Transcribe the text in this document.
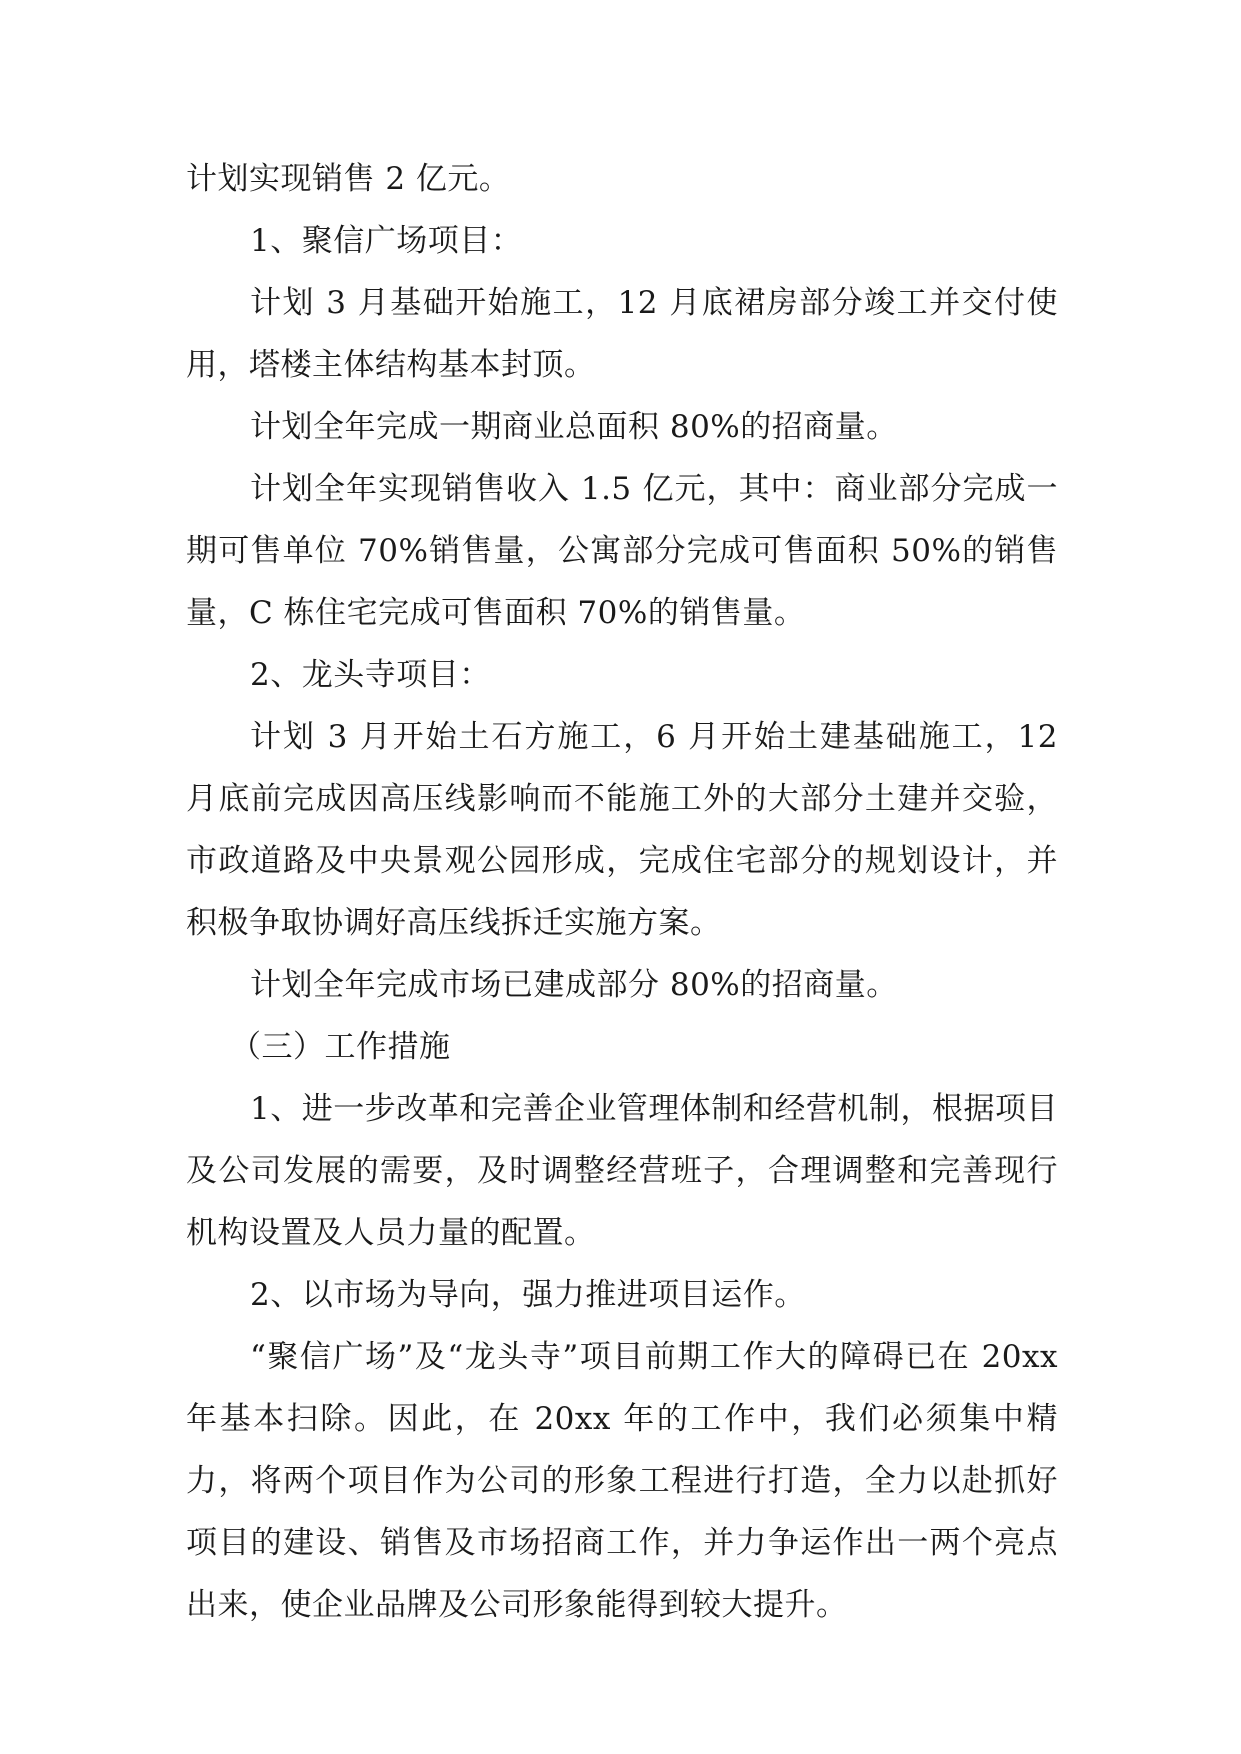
计划实现销售 2 亿元。

1、聚信广场项目：

计划 3 月基础开始施工，12 月底裙房部分竣工并交付使用，塔楼主体结构基本封顶。

计划全年完成一期商业总面积 80%的招商量。

计划全年实现销售收入 1.5 亿元，其中：商业部分完成一期可售单位 70%销售量，公寓部分完成可售面积 50%的销售量，C 栋住宅完成可售面积 70%的销售量。

2、龙头寺项目：

计划 3 月开始土石方施工，6 月开始土建基础施工，12 月底前完成因高压线影响而不能施工外的大部分土建并交验，市政道路及中央景观公园形成，完成住宅部分的规划设计，并积极争取协调好高压线拆迁实施方案。

计划全年完成市场已建成部分 80%的招商量。

（三）工作措施

1、进一步改革和完善企业管理体制和经营机制，根据项目及公司发展的需要，及时调整经营班子，合理调整和完善现行机构设置及人员力量的配置。

2、以市场为导向，强力推进项目运作。

“聚信广场”及“龙头寺”项目前期工作大的障碍已在 20xx 年基本扫除。因此，在 20xx 年的工作中，我们必须集中精力，将两个项目作为公司的形象工程进行打造，全力以赴抓好项目的建设、销售及市场招商工作，并力争运作出一两个亮点出来，使企业品牌及公司形象能得到较大提升。
